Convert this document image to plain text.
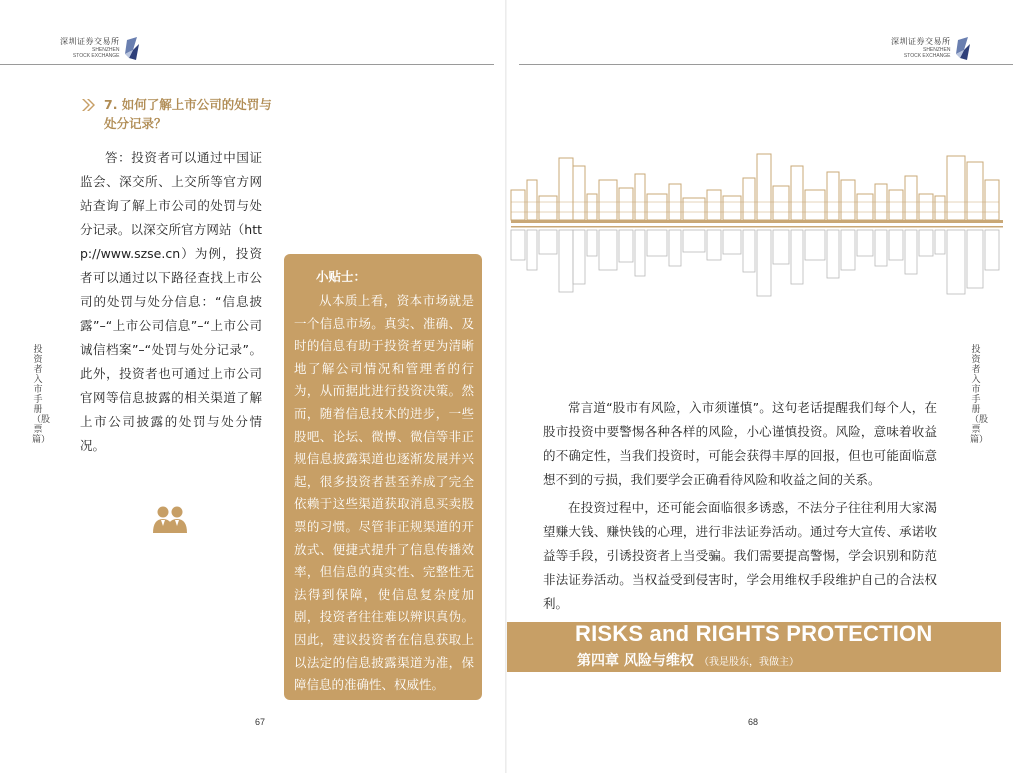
深圳证券交易所
SHENZHEN
STOCK EXCHANGE
投资者入市手册（股票篇）
7. 如何了解上市公司的处罚与处分记录？

答：投资者可以通过中国证监会、深交所、上交所等官方网站查询了解上市公司的处罚与处分记录。以深交所官方网站（http://www.szse.cn）为例，投资者可以通过以下路径查找上市公司的处罚与处分信息：“信息披露”–“上市公司信息”–“上市公司诚信档案”–“处罚与处分记录”。此外，投资者也可通过上市公司官网等信息披露的相关渠道了解上市公司披露的处罚与处分情况。

小贴士：

从本质上看，资本市场就是一个信息市场。真实、准确、及时的信息有助于投资者更为清晰地了解公司情况和管理者的行为，从而据此进行投资决策。然而，随着信息技术的进步，一些股吧、论坛、微博、微信等非正规信息披露渠道也逐渐发展并兴起，很多投资者甚至养成了完全依赖于这些渠道获取消息买卖股票的习惯。尽管非正规渠道的开放式、便捷式提升了信息传播效率，但信息的真实性、完整性无法得到保障，使信息复杂度加剧，投资者往往难以辨识真伪。因此，建议投资者在信息获取上以法定的信息披露渠道为准，保障信息的准确性、权威性。

67
深圳证券交易所
SHENZHEN
STOCK EXCHANGE
投资者入市手册（股票篇）

常言道“股市有风险，入市须谨慎”。这句老话提醒我们每个人，在股市投资中要警惕各种各样的风险，小心谨慎投资。风险，意味着收益的不确定性，当我们投资时，可能会获得丰厚的回报，但也可能面临意想不到的亏损，我们要学会正确看待风险和收益之间的关系。

在投资过程中，还可能会面临很多诱惑，不法分子往往利用大家渴望赚大钱、赚快钱的心理，进行非法证券活动。通过夸大宣传、承诺收益等手段，引诱投资者上当受骗。我们需要提高警惕，学会识别和防范非法证券活动。当权益受到侵害时，学会用维权手段维护自己的合法权利。

RISKS and RIGHTS PROTECTION
第四章 风险与维权 （我是股东，我做主）
68
